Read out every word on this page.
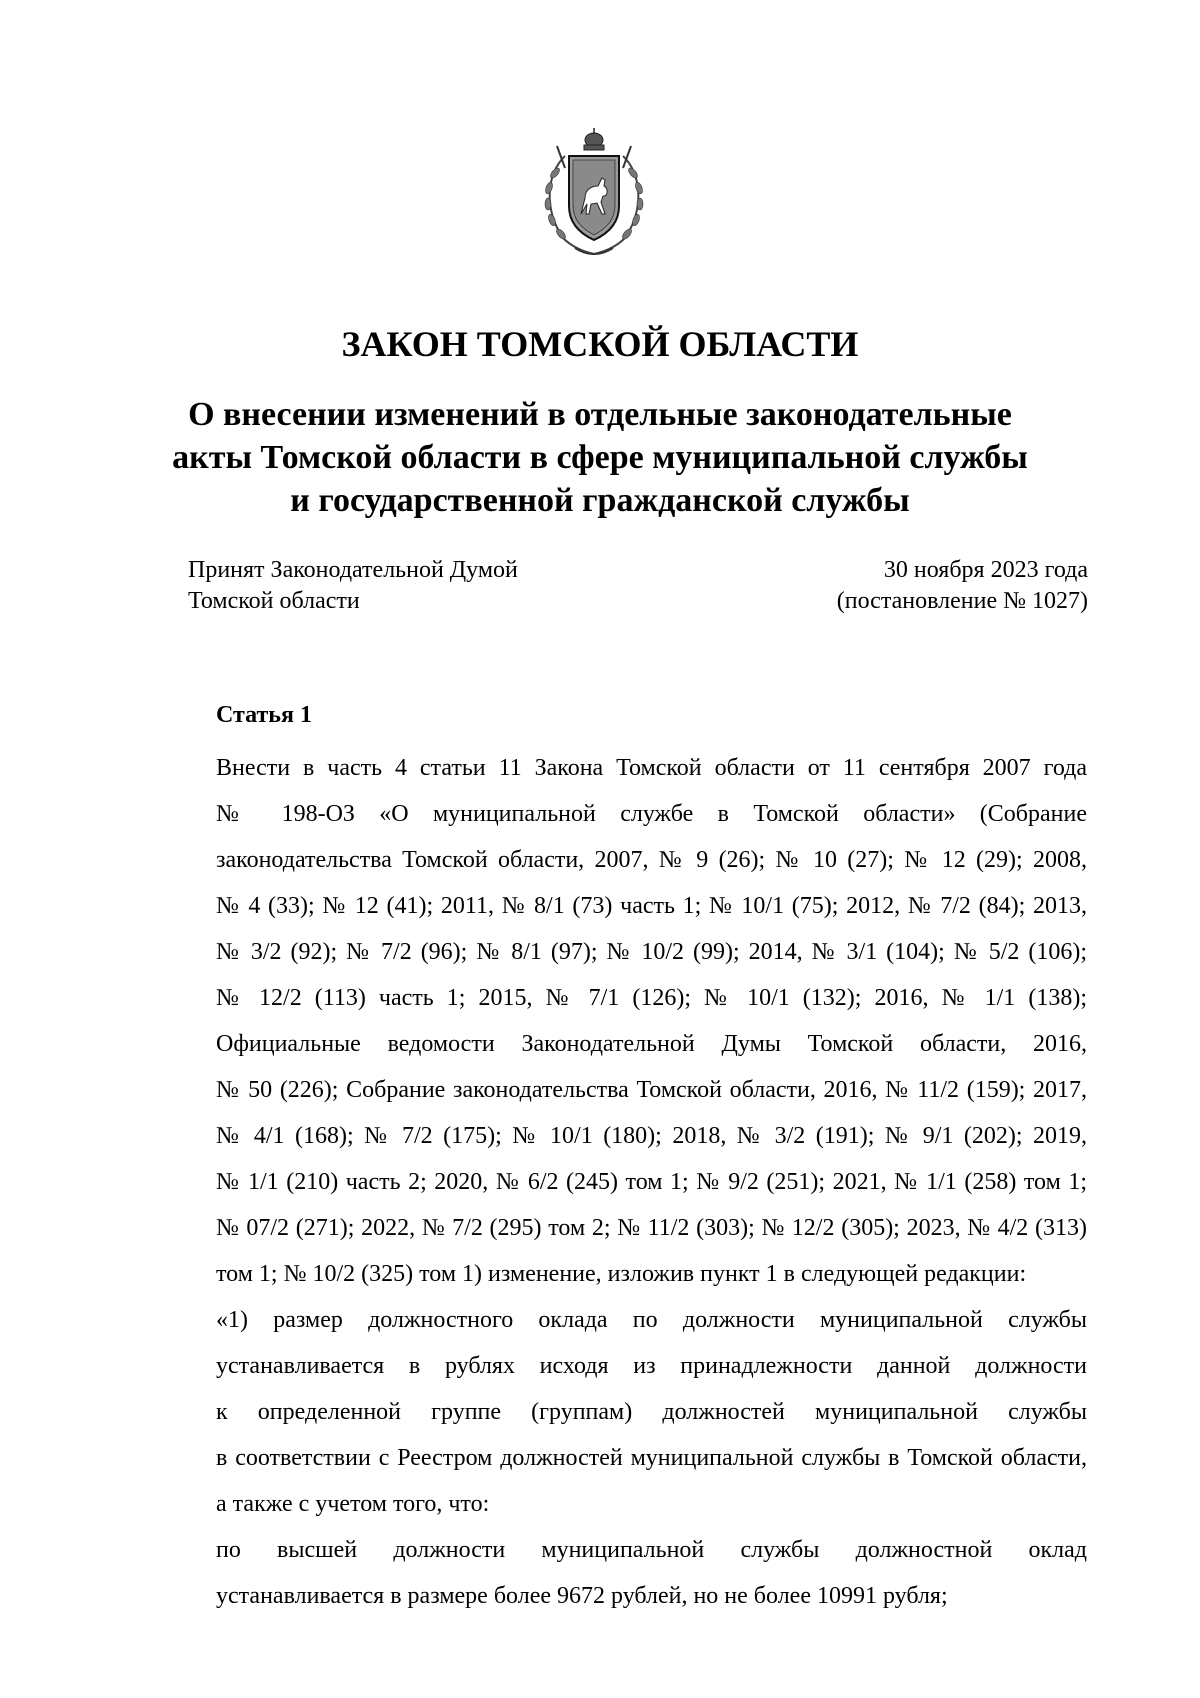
ЗАКОН ТОМСКОЙ ОБЛАСТИ
О внесении изменений в отдельные законодательные
акты Томской области в сфере муниципальной службы
и государственной гражданской службы
Принят Законодательной Думой
Томской области
30 ноября 2023 года
(постановление № 1027)
Статья 1
Внести в часть 4 статьи 11 Закона Томской области от 11 сентября 2007 года
№ 198-ОЗ «О муниципальной службе в Томской области» (Собрание
законодательства Томской области, 2007, № 9 (26); № 10 (27); № 12 (29); 2008,
№ 4 (33); № 12 (41); 2011, № 8/1 (73) часть 1; № 10/1 (75); 2012, № 7/2 (84); 2013,
№ 3/2 (92); № 7/2 (96); № 8/1 (97); № 10/2 (99); 2014, № 3/1 (104); № 5/2 (106);
№ 12/2 (113) часть 1; 2015, № 7/1 (126); № 10/1 (132); 2016, № 1/1 (138);
Официальные ведомости Законодательной Думы Томской области, 2016,
№ 50 (226); Собрание законодательства Томской области, 2016, № 11/2 (159); 2017,
№ 4/1 (168); № 7/2 (175); № 10/1 (180); 2018, № 3/2 (191); № 9/1 (202); 2019,
№ 1/1 (210) часть 2; 2020, № 6/2 (245) том 1; № 9/2 (251); 2021, № 1/1 (258) том 1;
№ 07/2 (271); 2022, № 7/2 (295) том 2; № 11/2 (303); № 12/2 (305); 2023, № 4/2 (313)
том 1; № 10/2 (325) том 1) изменение, изложив пункт 1 в следующей редакции:
«1) размер должностного оклада по должности муниципальной службы
устанавливается в рублях исходя из принадлежности данной должности
к определенной группе (группам) должностей муниципальной службы
в соответствии с Реестром должностей муниципальной службы в Томской области,
а также с учетом того, что:
по высшей должности муниципальной службы должностной оклад
устанавливается в размере более 9672 рублей, но не более 10991 рубля;
